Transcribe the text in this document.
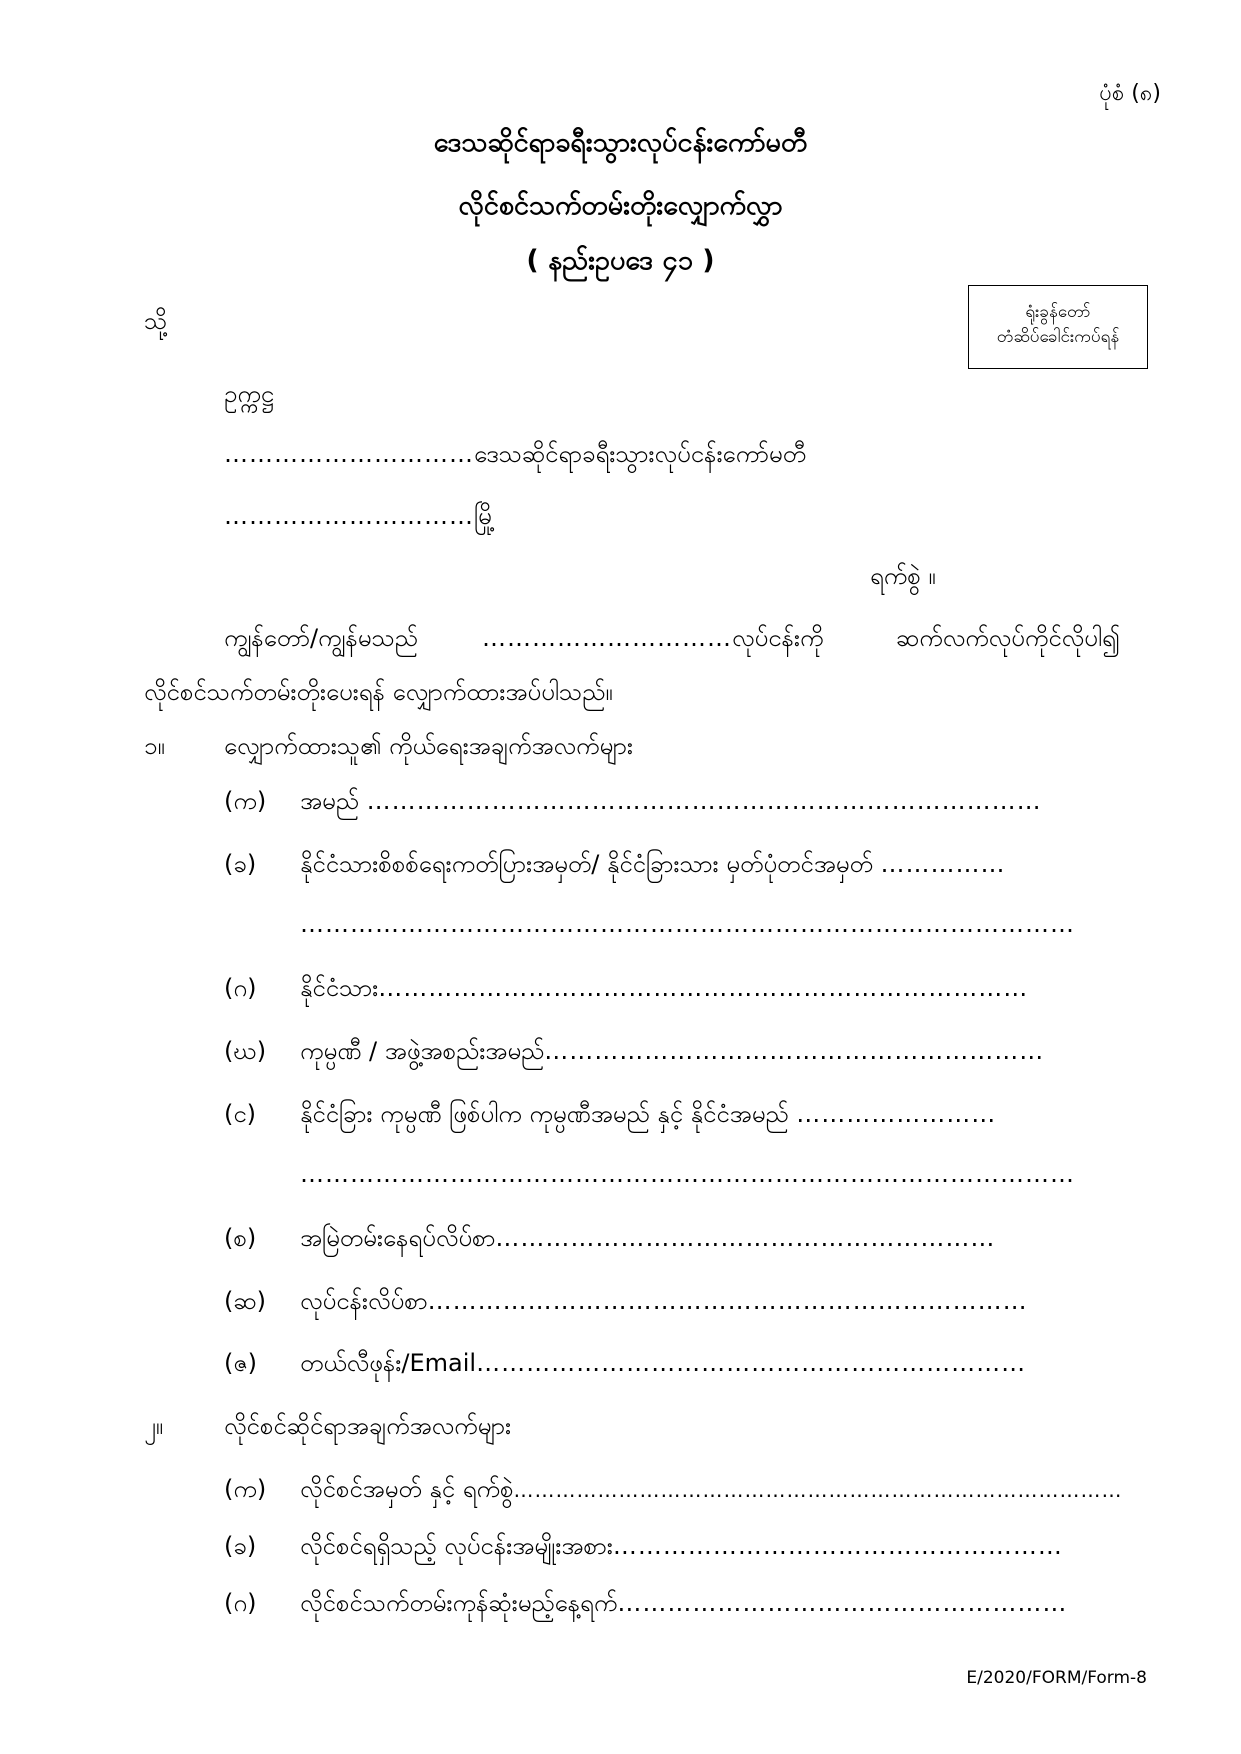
ပုံစံ (၈)
ဒေသဆိုင်ရာခရီးသွားလုပ်ငန်းကော်မတီ
လိုင်စင်သက်တမ်းတိုးလျှောက်လွှာ
( နည်းဥပဒေ ၄၁ )
ရုံးခွန်တော်
တံဆိပ်ခေါင်းကပ်ရန်
သို့
ဥက္ကဋ္ဌ
…………………………ဒေသဆိုင်ရာခရီးသွားလုပ်ငန်းကော်မတီ
…………………………မြို့
ရက်စွဲ ။
ကျွန်တော်/ကျွန်မသည်	…………………………လုပ်ငန်းကို	ဆက်လက်လုပ်ကိုင်လိုပါ၍
လိုင်စင်သက်တမ်းတိုးပေးရန် လျှောက်ထားအပ်ပါသည်။
၁။ လျှောက်ထားသူ၏ ကိုယ်ရေးအချက်အလက်များ
(က) အမည် ………………………………………………………………………
(ခ) နိုင်ငံသားစိစစ်ရေးကတ်ပြားအမှတ်/ နိုင်ငံခြားသား မှတ်ပုံတင်အမှတ် ……………
…………………………………………………………………………………
(ဂ) နိုင်ငံသား……………………………………………………………………
(ဃ) ကုမ္ပဏီ / အဖွဲ့အစည်းအမည်……………………………………………………
(င) နိုင်ငံခြား ကုမ္ပဏီ ဖြစ်ပါက ကုမ္ပဏီအမည် နှင့် နိုင်ငံအမည် ……………………
…………………………………………………………………………………
(စ) အမြဲတမ်းနေရပ်လိပ်စာ……………………………………………………
(ဆ) လုပ်ငန်းလိပ်စာ………………………………………………………………
(ဇ) တယ်လီဖုန်း/Email…………………………………………………………
၂။	လိုင်စင်ဆိုင်ရာအချက်အလက်များ
(က) လိုင်စင်အမှတ် နှင့် ရက်စွဲ……………………………………………………………………………
(ခ) လိုင်စင်ရရှိသည့် လုပ်ငန်းအမျိုးအစား………………………………………………
(ဂ) လိုင်စင်သက်တမ်းကုန်ဆုံးမည့်နေ့ရက်………………………………………………
E/2020/FORM/Form-8
